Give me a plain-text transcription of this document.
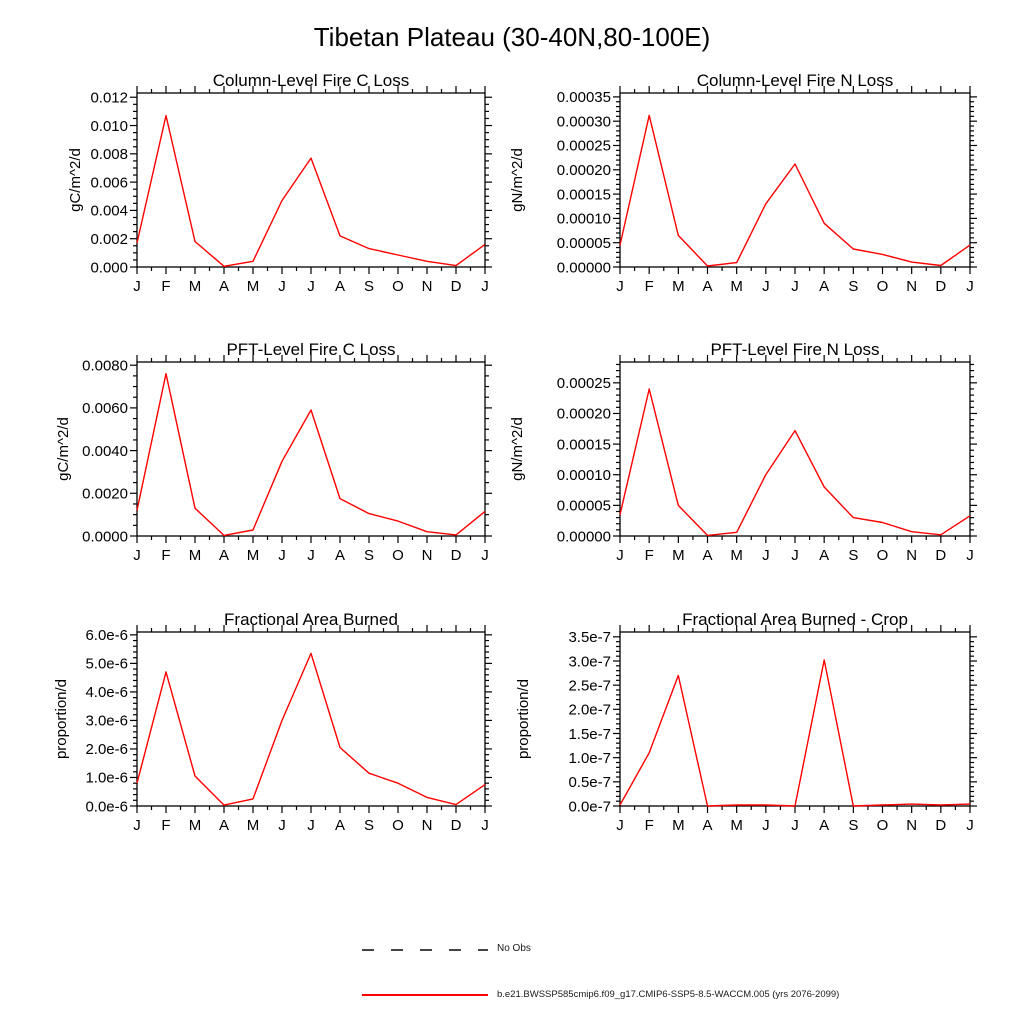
Tibetan Plateau (30-40N,80-100E)
Column-Level Fire C Loss
gC/m^2/d
J F M A M J J A S O N D J
0.000
0.002
0.004
0.006
0.008
0.010
0.012
Column-Level Fire N Loss
gN/m^2/d
J F M A M J J A S O N D J
0.00000
0.00005
0.00010
0.00015
0.00020
0.00025
0.00030
0.00035
PFT-Level Fire C Loss
gC/m^2/d
J F M A M J J A S O N D J
0.0000
0.0020
0.0040
0.0060
0.0080
PFT-Level Fire N Loss
gN/m^2/d
J F M A M J J A S O N D J
0.00000
0.00005
0.00010
0.00015
0.00020
0.00025
Fractional Area Burned
proportion/d
J F M A M J J A S O N D J
0.0e-6
1.0e-6
2.0e-6
3.0e-6
4.0e-6
5.0e-6
6.0e-6
Fractional Area Burned - Crop
proportion/d
J F M A M J J A S O N D J
0.0e-7
0.5e-7
1.0e-7
1.5e-7
2.0e-7
2.5e-7
3.0e-7
3.5e-7
No Obs
b.e21.BWSSP585cmip6.f09_g17.CMIP6-SSP5-8.5-WACCM.005 (yrs 2076-2099)
